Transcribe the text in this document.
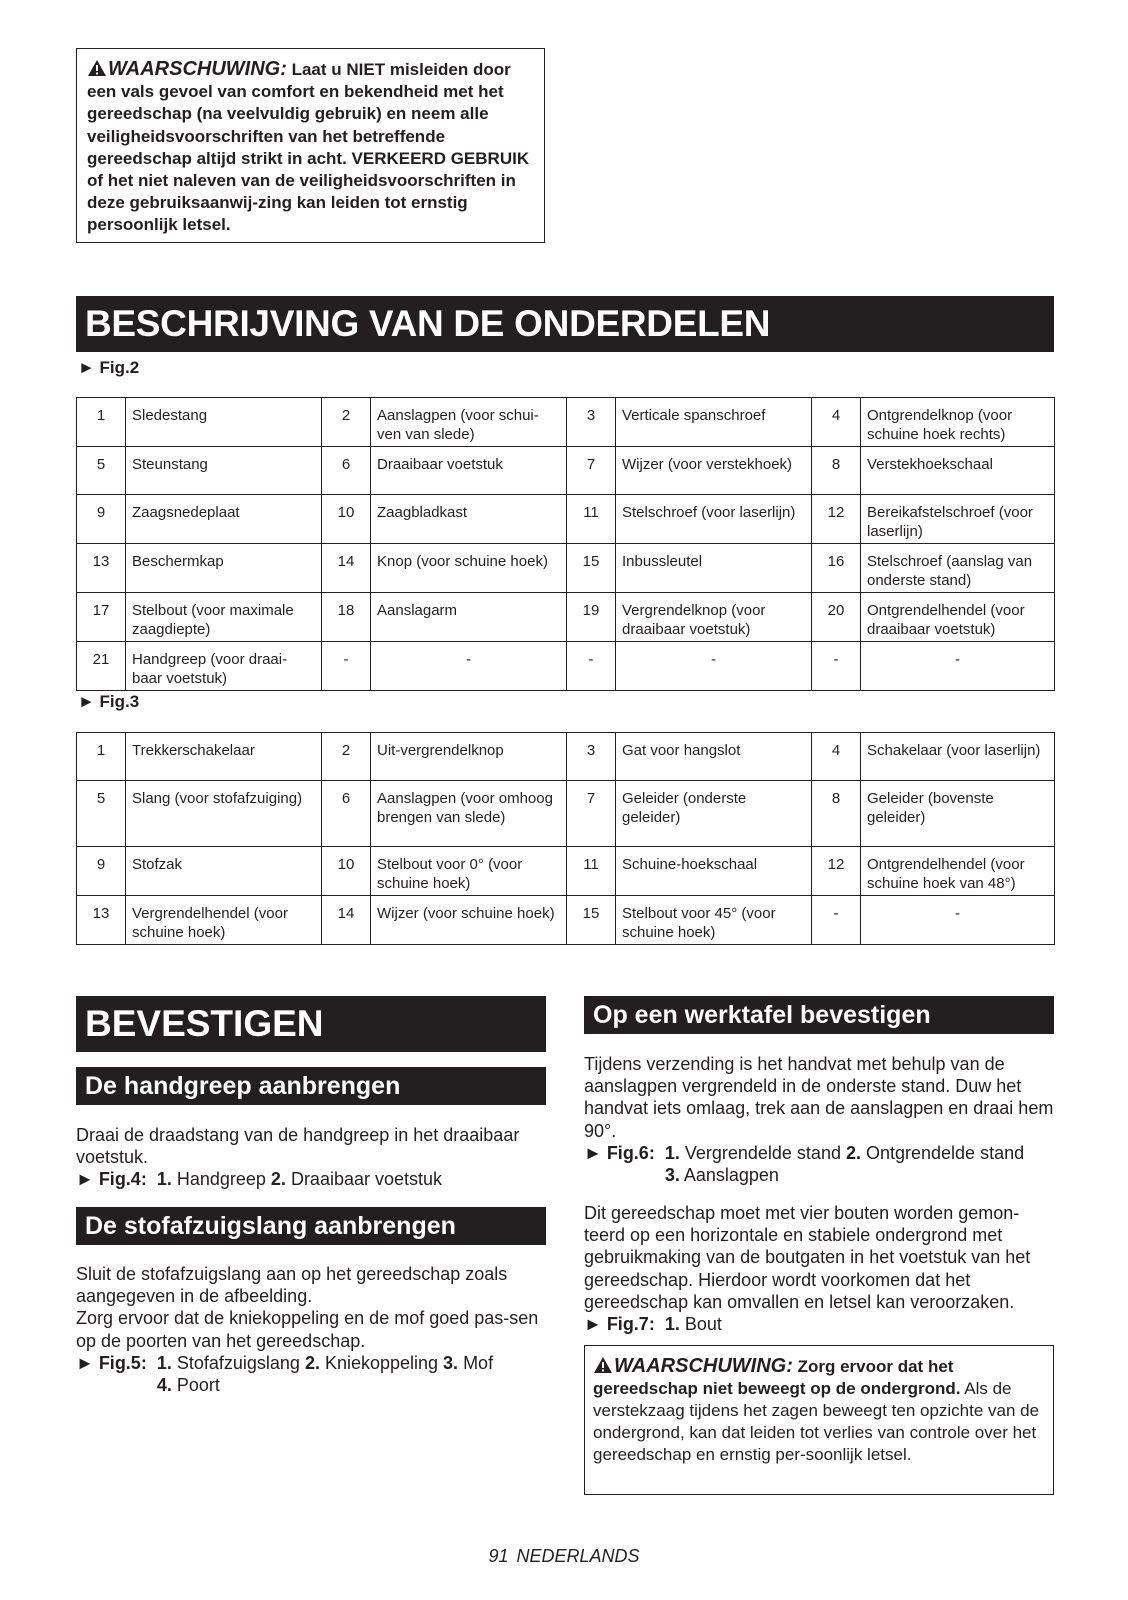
WAARSCHUWING: Laat u NIET misleiden door een vals gevoel van comfort en bekendheid met het gereedschap (na veelvuldig gebruik) en neem alle veiligheidsvoorschriften van het betreffende gereedschap altijd strikt in acht. VERKEERD GEBRUIK of het niet naleven van de veiligheidsvoorschriften in deze gebruiksaanwij-zing kan leiden tot ernstig persoonlijk letsel.

BESCHRIJVING VAN DE ONDERDELEN
► Fig.2
1	Sledestang	2	Aanslagpen (voor schui-ven van slede)	3	Verticale spanschroef	4	Ontgrendelknop (voor schuine hoek rechts)
5	Steunstang	6	Draaibaar voetstuk	7	Wijzer (voor verstekhoek)	8	Verstekhoekschaal
9	Zaagsnedeplaat	10	Zaagbladkast	11	Stelschroef (voor laserlijn)	12	Bereikafstelschroef (voor laserlijn)
13	Beschermkap	14	Knop (voor schuine hoek)	15	Inbussleutel	16	Stelschroef (aanslag van onderste stand)
17	Stelbout (voor maximale zaagdiepte)	18	Aanslagarm	19	Vergrendelknop (voor draaibaar voetstuk)	20	Ontgrendelhendel (voor draaibaar voetstuk)
21	Handgreep (voor draai-baar voetstuk)	-	-	-	-	-	-
► Fig.3
1	Trekkerschakelaar	2	Uit-vergrendelknop	3	Gat voor hangslot	4	Schakelaar (voor laserlijn)
5	Slang (voor stofafzuiging)	6	Aanslagpen (voor omhoog brengen van slede)	7	Geleider (onderste geleider)	8	Geleider (bovenste geleider)
9	Stofzak	10	Stelbout voor 0° (voor schuine hoek)	11	Schuine-hoekschaal	12	Ontgrendelhendel (voor schuine hoek van 48°)
13	Vergrendelhendel (voor schuine hoek)	14	Wijzer (voor schuine hoek)	15	Stelbout voor 45° (voor schuine hoek)	-	-
BEVESTIGEN
De handgreep aanbrengen
Draai de draadstang van de handgreep in het draaibaar voetstuk.
► Fig.4: 1. Handgreep 2. Draaibaar voetstuk
De stofafzuigslang aanbrengen
Sluit de stofafzuigslang aan op het gereedschap zoals aangegeven in de afbeelding.
Zorg ervoor dat de kniekoppeling en de mof goed pas-sen op de poorten van het gereedschap.
► Fig.5: 1. Stofafzuigslang 2. Kniekoppeling 3. Mof
4. Poort
Op een werktafel bevestigen
Tijdens verzending is het handvat met behulp van de aanslagpen vergrendeld in de onderste stand. Duw het handvat iets omlaag, trek aan de aanslagpen en draai hem 90°.
► Fig.6: 1. Vergrendelde stand 2. Ontgrendelde stand
3. Aanslagpen
Dit gereedschap moet met vier bouten worden gemon-teerd op een horizontale en stabiele ondergrond met gebruikmaking van de boutgaten in het voetstuk van het gereedschap. Hierdoor wordt voorkomen dat het gereedschap kan omvallen en letsel kan veroorzaken.
► Fig.7: 1. Bout

WAARSCHUWING: Zorg ervoor dat het gereedschap niet beweegt op de ondergrond. Als de verstekzaag tijdens het zagen beweegt ten opzichte van de ondergrond, kan dat leiden tot verlies van controle over het gereedschap en ernstig per-soonlijk letsel.

91 NEDERLANDS
